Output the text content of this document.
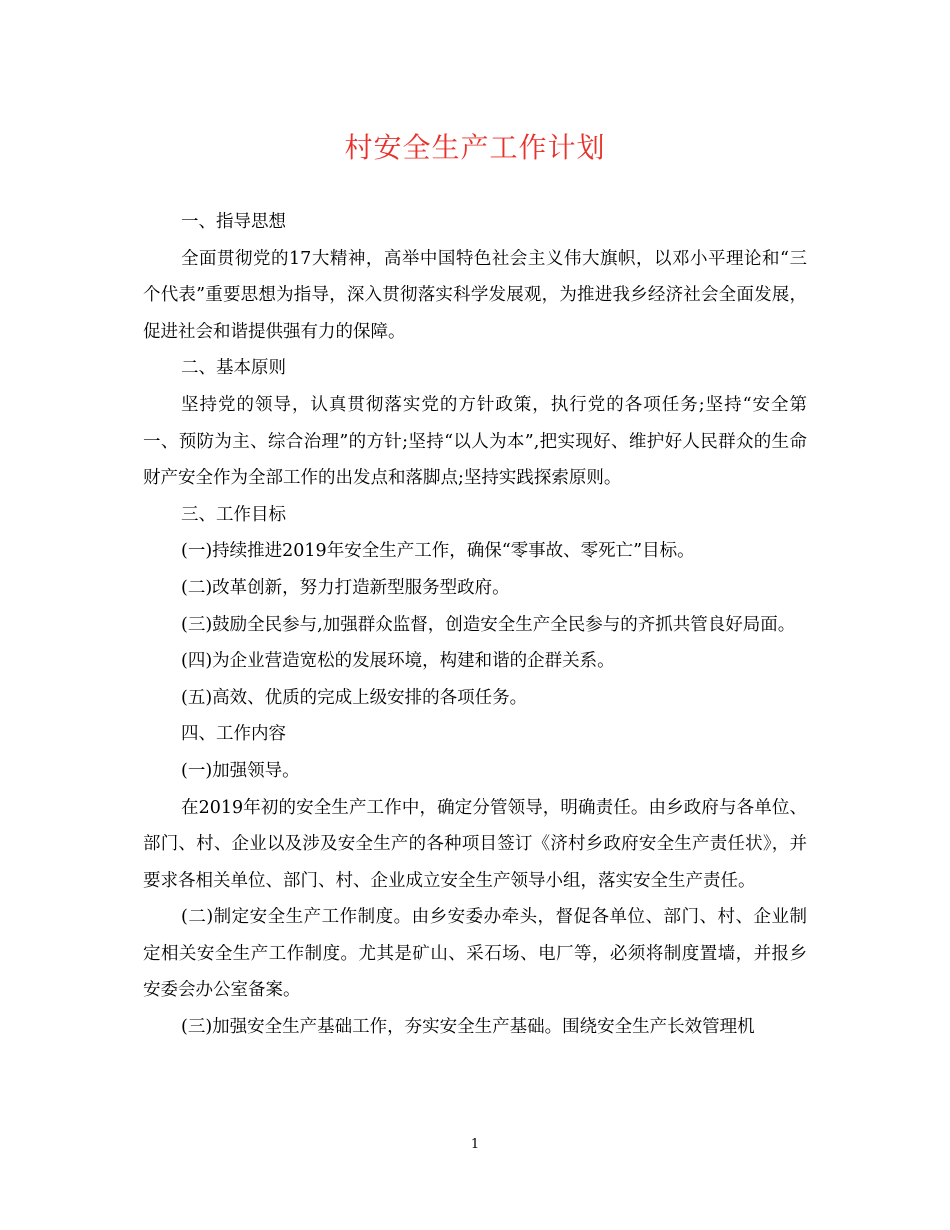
村安全生产工作计划

一、指导思想

全面贯彻党的17大精神，高举中国特色社会主义伟大旗帜，以邓小平理论和“三个代表”重要思想为指导，深入贯彻落实科学发展观，为推进我乡经济社会全面发展，促进社会和谐提供强有力的保障。

二、基本原则

坚持党的领导，认真贯彻落实党的方针政策，执行党的各项任务;坚持“安全第一、预防为主、综合治理”的方针;坚持“以人为本”,把实现好、维护好人民群众的生命财产安全作为全部工作的出发点和落脚点;坚持实践探索原则。

三、工作目标

(一)持续推进2019年安全生产工作，确保“零事故、零死亡”目标。

(二)改革创新，努力打造新型服务型政府。

(三)鼓励全民参与,加强群众监督，创造安全生产全民参与的齐抓共管良好局面。

(四)为企业营造宽松的发展环境，构建和谐的企群关系。

(五)高效、优质的完成上级安排的各项任务。

四、工作内容

(一)加强领导。

在2019年初的安全生产工作中，确定分管领导，明确责任。由乡政府与各单位、部门、村、企业以及涉及安全生产的各种项目签订《济村乡政府安全生产责任状》，并要求各相关单位、部门、村、企业成立安全生产领导小组，落实安全生产责任。

(二)制定安全生产工作制度。由乡安委办牵头，督促各单位、部门、村、企业制定相关安全生产工作制度。尤其是矿山、采石场、电厂等，必须将制度置墙，并报乡安委会办公室备案。

(三)加强安全生产基础工作，夯实安全生产基础。围绕安全生产长效管理机

1
